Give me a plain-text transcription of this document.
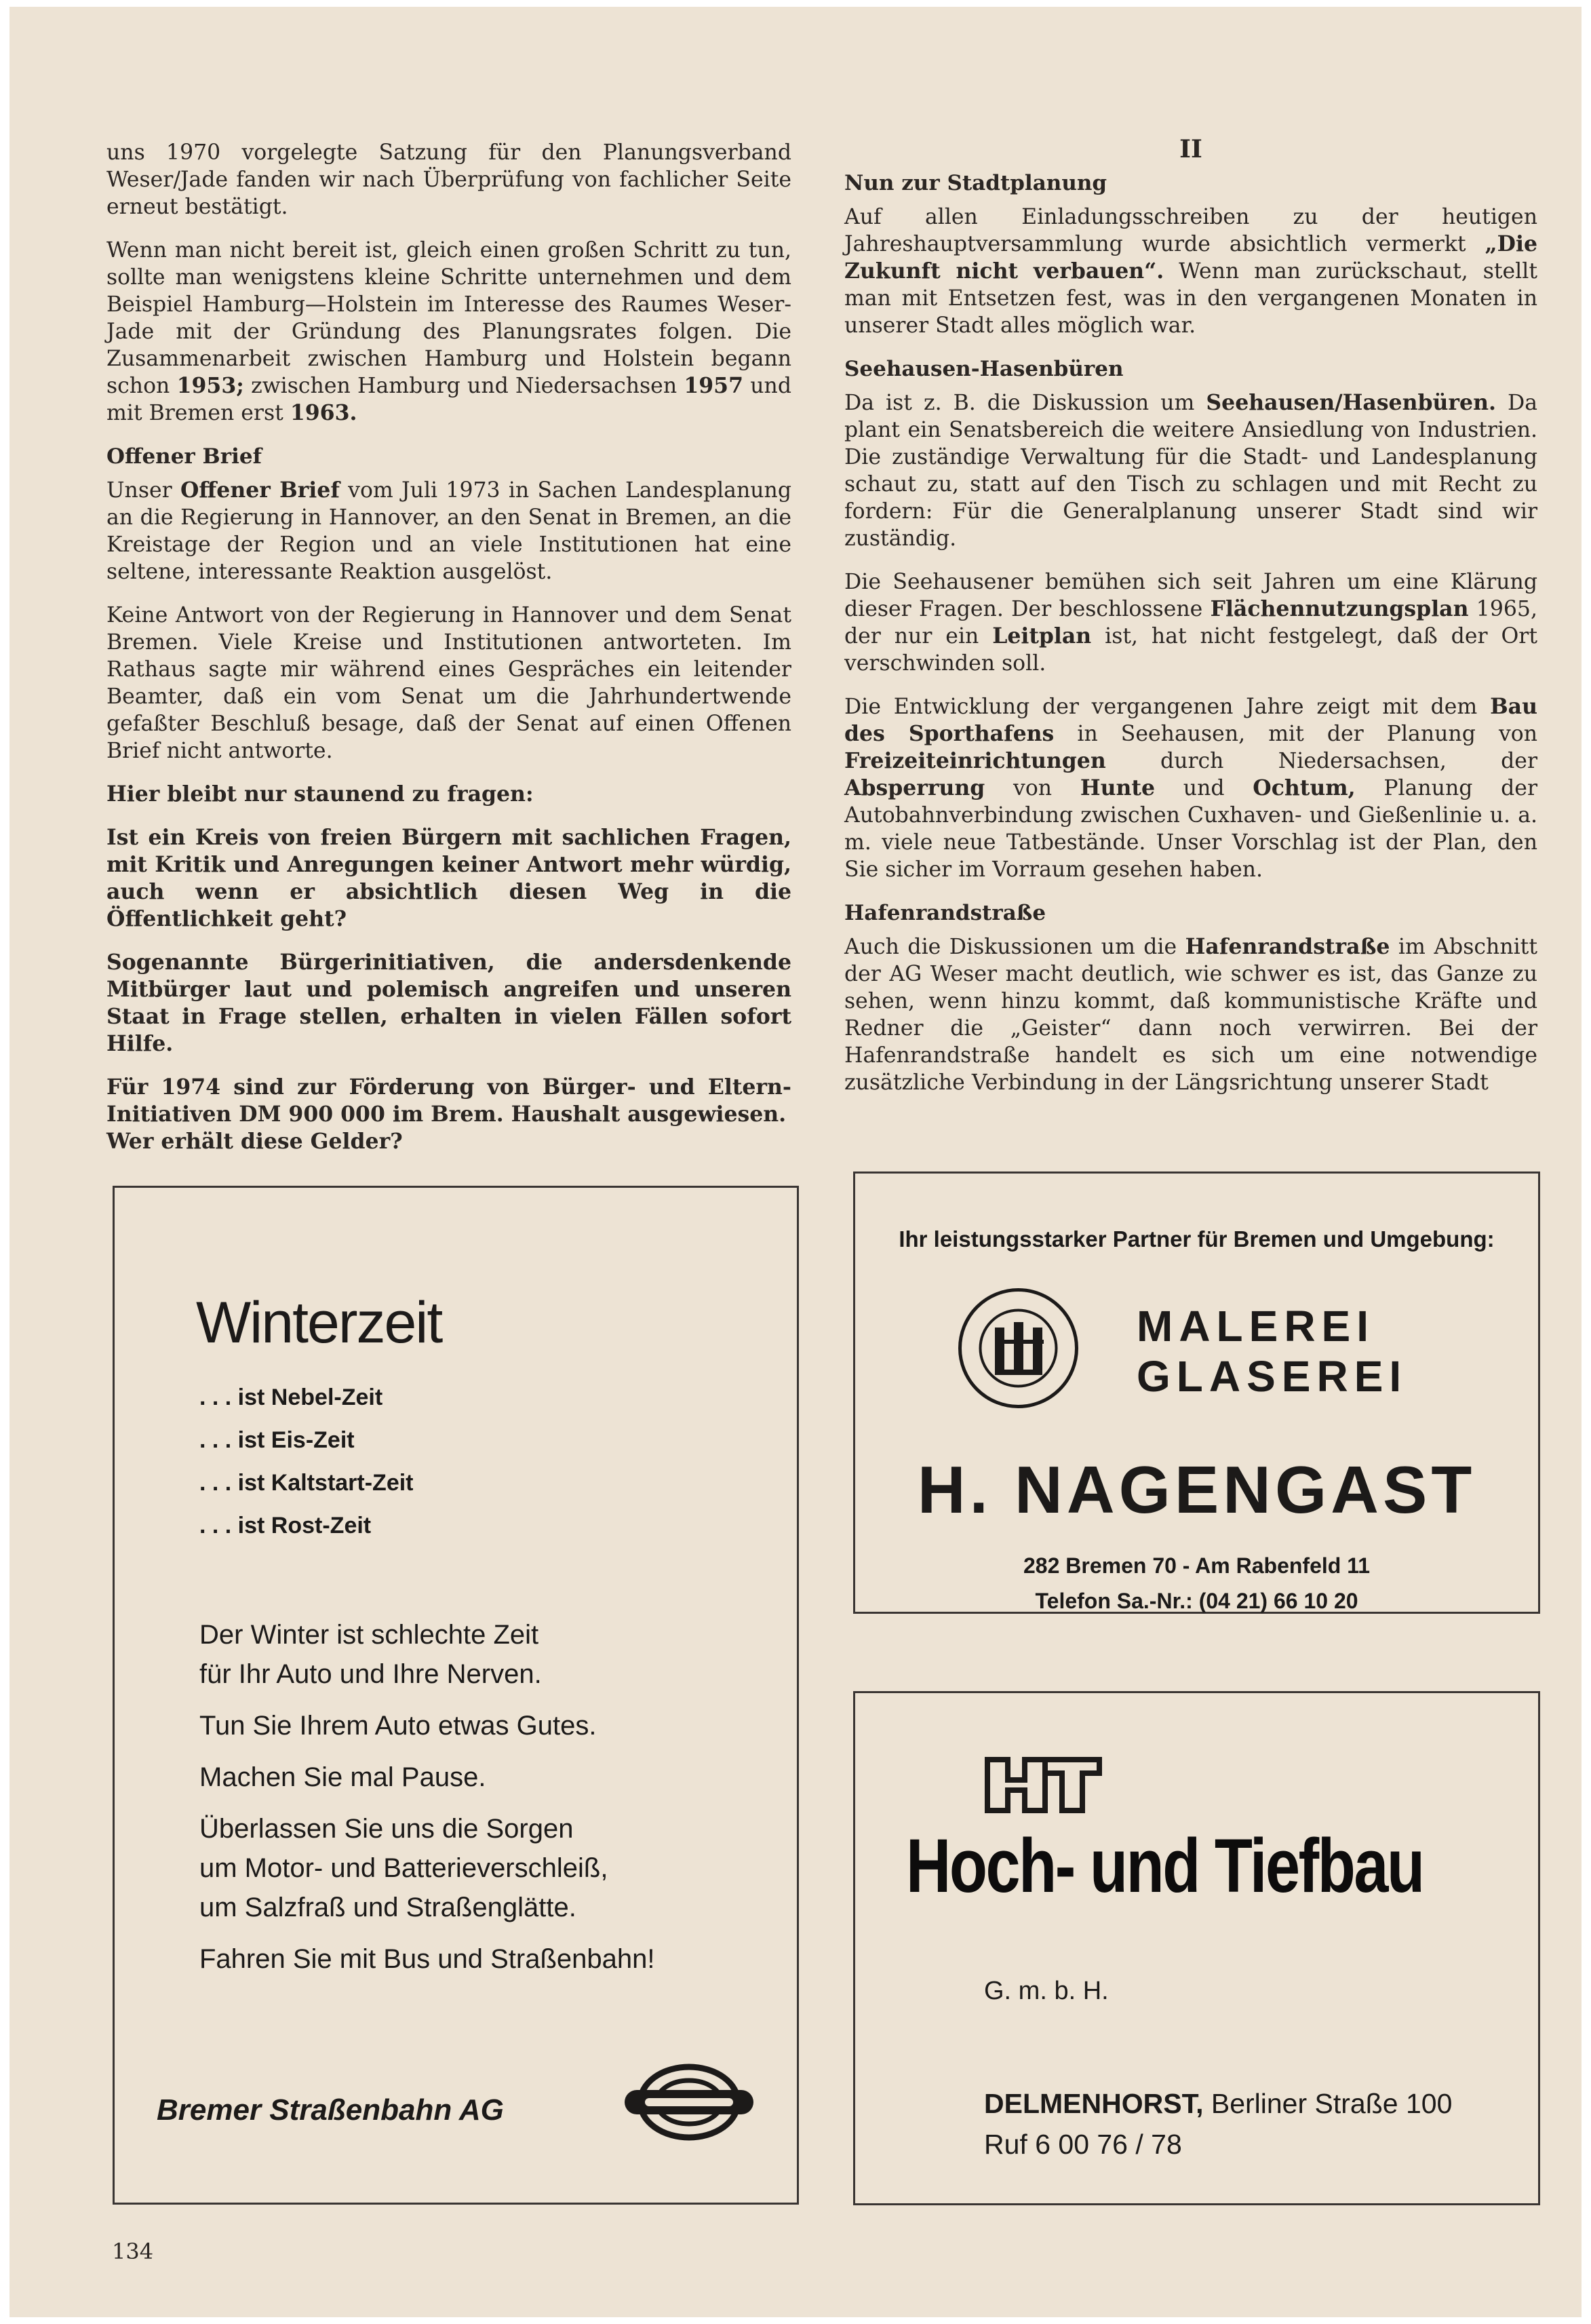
uns 1970 vorgelegte Satzung für den Planungsverband Weser/Jade fanden wir nach Überprüfung von fachlicher Seite erneut bestätigt.

Wenn man nicht bereit ist, gleich einen großen Schritt zu tun, sollte man wenigstens kleine Schritte unternehmen und dem Beispiel Hamburg—Holstein im Interesse des Raumes Weser-Jade mit der Gründung des Planungsrates folgen. Die Zusammenarbeit zwischen Hamburg und Holstein begann schon 1953; zwischen Hamburg und Niedersachsen 1957 und mit Bremen erst 1963.

Offener Brief

Unser Offener Brief vom Juli 1973 in Sachen Landesplanung an die Regierung in Hannover, an den Senat in Bremen, an die Kreistage der Region und an viele Institutionen hat eine seltene, interessante Reaktion ausgelöst.

Keine Antwort von der Regierung in Hannover und dem Senat Bremen. Viele Kreise und Institutionen antworteten. Im Rathaus sagte mir während eines Gespräches ein leitender Beamter, daß ein vom Senat um die Jahrhundertwende gefaßter Beschluß besage, daß der Senat auf einen Offenen Brief nicht antworte.

Hier bleibt nur staunend zu fragen:

Ist ein Kreis von freien Bürgern mit sachlichen Fragen, mit Kritik und Anregungen keiner Antwort mehr würdig, auch wenn er absichtlich diesen Weg in die Öffentlichkeit geht?

Sogenannte Bürgerinitiativen, die andersdenkende Mitbürger laut und polemisch angreifen und unseren Staat in Frage stellen, erhalten in vielen Fällen sofort Hilfe.

Für 1974 sind zur Förderung von Bürger- und Eltern-Initiativen DM 900 000 im Brem. Haushalt ausgewiesen.
Wer erhält diese Gelder?

II
Nun zur Stadtplanung

Auf allen Einladungsschreiben zu der heutigen Jahreshauptversammlung wurde absichtlich vermerkt „Die Zukunft nicht verbauen“. Wenn man zurückschaut, stellt man mit Entsetzen fest, was in den vergangenen Monaten in unserer Stadt alles möglich war.

Seehausen-Hasenbüren

Da ist z. B. die Diskussion um Seehausen/Hasenbüren. Da plant ein Senatsbereich die weitere Ansiedlung von Industrien. Die zuständige Verwaltung für die Stadt- und Landesplanung schaut zu, statt auf den Tisch zu schlagen und mit Recht zu fordern: Für die Generalplanung unserer Stadt sind wir zuständig.

Die Seehausener bemühen sich seit Jahren um eine Klärung dieser Fragen. Der beschlossene Flächennutzungsplan 1965, der nur ein Leitplan ist, hat nicht festgelegt, daß der Ort verschwinden soll.

Die Entwicklung der vergangenen Jahre zeigt mit dem Bau des Sporthafens in Seehausen, mit der Planung von Freizeiteinrichtungen durch Niedersachsen, der Absperrung von Hunte und Ochtum, Planung der Autobahnverbindung zwischen Cuxhaven- und Gießenlinie u. a. m. viele neue Tatbestände. Unser Vorschlag ist der Plan, den Sie sicher im Vorraum gesehen haben.

Hafenrandstraße

Auch die Diskussionen um die Hafenrandstraße im Abschnitt der AG Weser macht deutlich, wie schwer es ist, das Ganze zu sehen, wenn hinzu kommt, daß kommunistische Kräfte und Redner die „Geister“ dann noch verwirren. Bei der Hafenrandstraße handelt es sich um eine notwendige zusätzliche Verbindung in der Längsrichtung unserer Stadt

Winterzeit
. . . ist Nebel-Zeit
. . . ist Eis-Zeit
. . . ist Kaltstart-Zeit
. . . ist Rost-Zeit
Der Winter ist schlechte Zeit
für Ihr Auto und Ihre Nerven.
Tun Sie Ihrem Auto etwas Gutes.
Machen Sie mal Pause.
Überlassen Sie uns die Sorgen
um Motor- und Batterieverschleiß,
um Salzfraß und Straßenglätte.
Fahren Sie mit Bus und Straßenbahn!
Bremer Straßenbahn AG
Ihr leistungsstarker Partner für Bremen und Umgebung:
MALEREI
GLASEREI
H. NAGENGAST
282 Bremen 70 - Am Rabenfeld 11
Telefon Sa.-Nr.: (04 21) 66 10 20
Hoch- und Tiefbau
G. m. b. H.
DELMENHORST, Berliner Straße 100
Ruf 6 00 76 / 78
134
